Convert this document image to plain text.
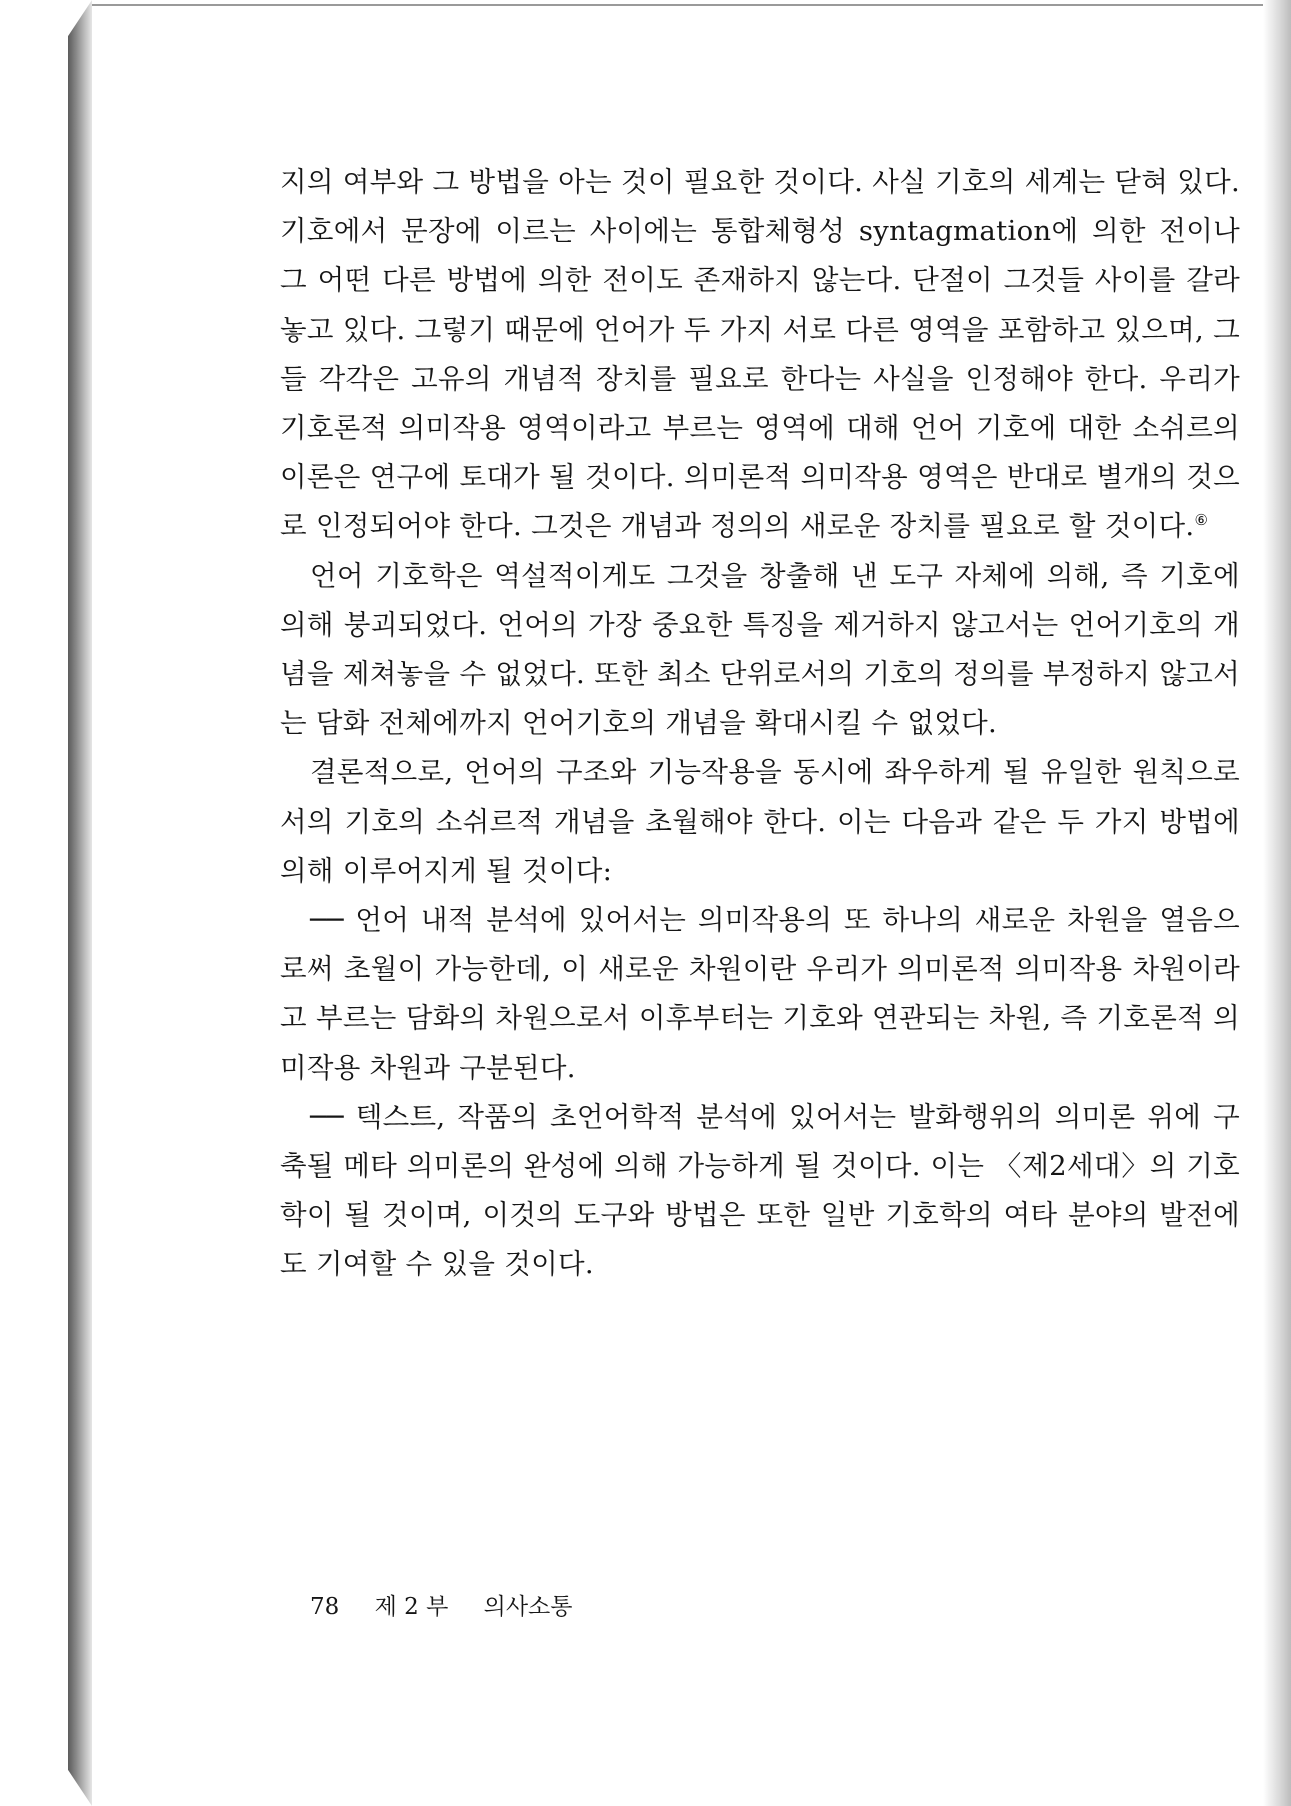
지의 여부와 그 방법을 아는 것이 필요한 것이다. 사실 기호의 세계는 닫혀 있다. 기호에서 문장에 이르는 사이에는 통합체형성 syntagmation에 의한 전이나 그 어떤 다른 방법에 의한 전이도 존재하지 않는다. 단절이 그것들 사이를 갈라놓고 있다. 그렇기 때문에 언어가 두 가지 서로 다른 영역을 포함하고 있으며, 그들 각각은 고유의 개념적 장치를 필요로 한다는 사실을 인정해야 한다. 우리가 기호론적 의미작용 영역이라고 부르는 영역에 대해 언어 기호에 대한 소쉬르의 이론은 연구에 토대가 될 것이다. 의미론적 의미작용 영역은 반대로 별개의 것으로 인정되어야 한다. 그것은 개념과 정의의 새로운 장치를 필요로 할 것이다.⑥

언어 기호학은 역설적이게도 그것을 창출해 낸 도구 자체에 의해, 즉 기호에 의해 붕괴되었다. 언어의 가장 중요한 특징을 제거하지 않고서는 언어기호의 개념을 제쳐놓을 수 없었다. 또한 최소 단위로서의 기호의 정의를 부정하지 않고서는 담화 전체에까지 언어기호의 개념을 확대시킬 수 없었다.

결론적으로, 언어의 구조와 기능작용을 동시에 좌우하게 될 유일한 원칙으로서의 기호의 소쉬르적 개념을 초월해야 한다. 이는 다음과 같은 두 가지 방법에 의해 이루어지게 될 것이다:

── 언어 내적 분석에 있어서는 의미작용의 또 하나의 새로운 차원을 열음으로써 초월이 가능한데, 이 새로운 차원이란 우리가 의미론적 의미작용 차원이라고 부르는 담화의 차원으로서 이후부터는 기호와 연관되는 차원, 즉 기호론적 의미작용 차원과 구분된다.

── 텍스트, 작품의 초언어학적 분석에 있어서는 발화행위의 의미론 위에 구축될 메타 의미론의 완성에 의해 가능하게 될 것이다. 이는 〈제2세대〉의 기호학이 될 것이며, 이것의 도구와 방법은 또한 일반 기호학의 여타 분야의 발전에도 기여할 수 있을 것이다.

78 제 2 부 의사소통
